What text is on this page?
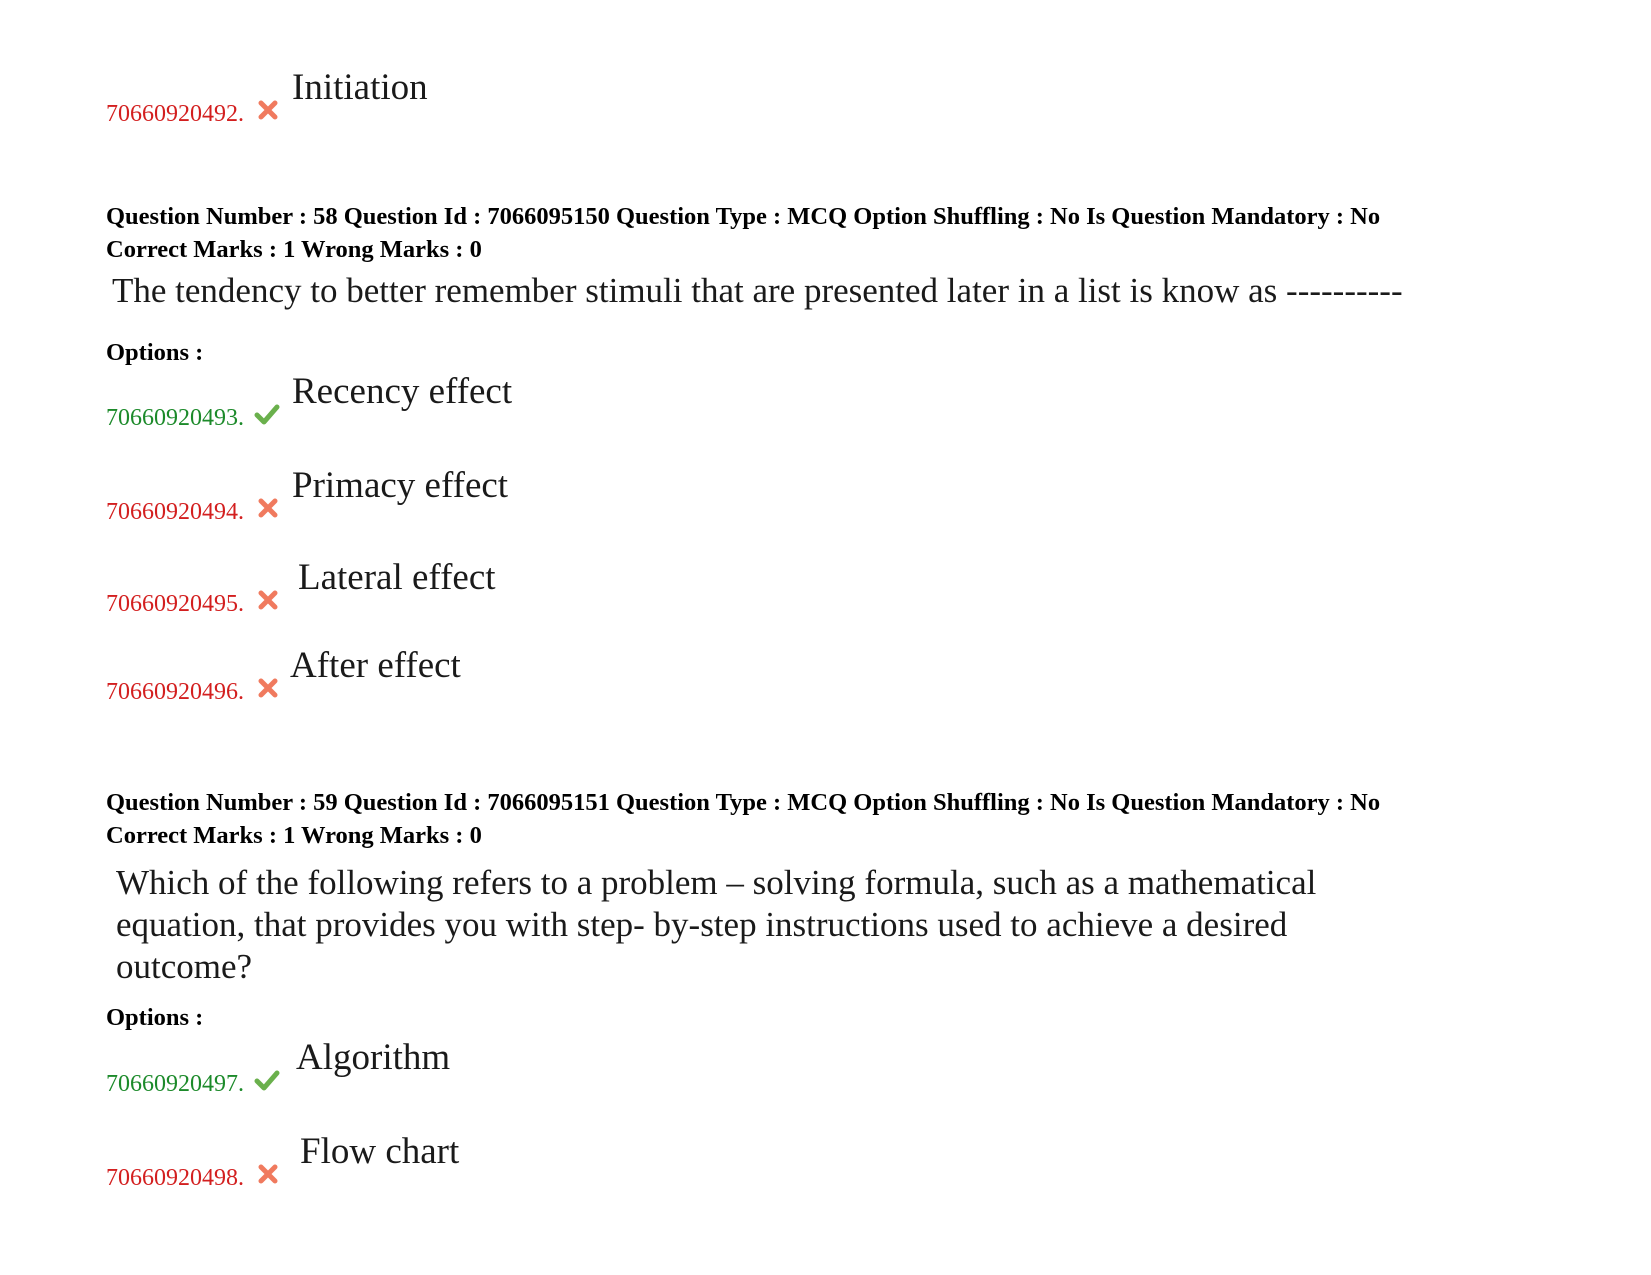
70660920492.
Initiation
Question Number : 58 Question Id : 7066095150 Question Type : MCQ Option Shuffling : No Is Question Mandatory : No
Correct Marks : 1 Wrong Marks : 0
The tendency to better remember stimuli that are presented later in a list is know as ----------
Options :
70660920493.
Recency effect
70660920494.
Primacy effect
70660920495.
Lateral effect
70660920496.
After effect
Question Number : 59 Question Id : 7066095151 Question Type : MCQ Option Shuffling : No Is Question Mandatory : No
Correct Marks : 1 Wrong Marks : 0
Which of the following refers to a problem – solving formula, such as a mathematical
equation, that provides you with step- by-step instructions used to achieve a desired
outcome?
Options :
70660920497.
Algorithm
70660920498.
Flow chart
